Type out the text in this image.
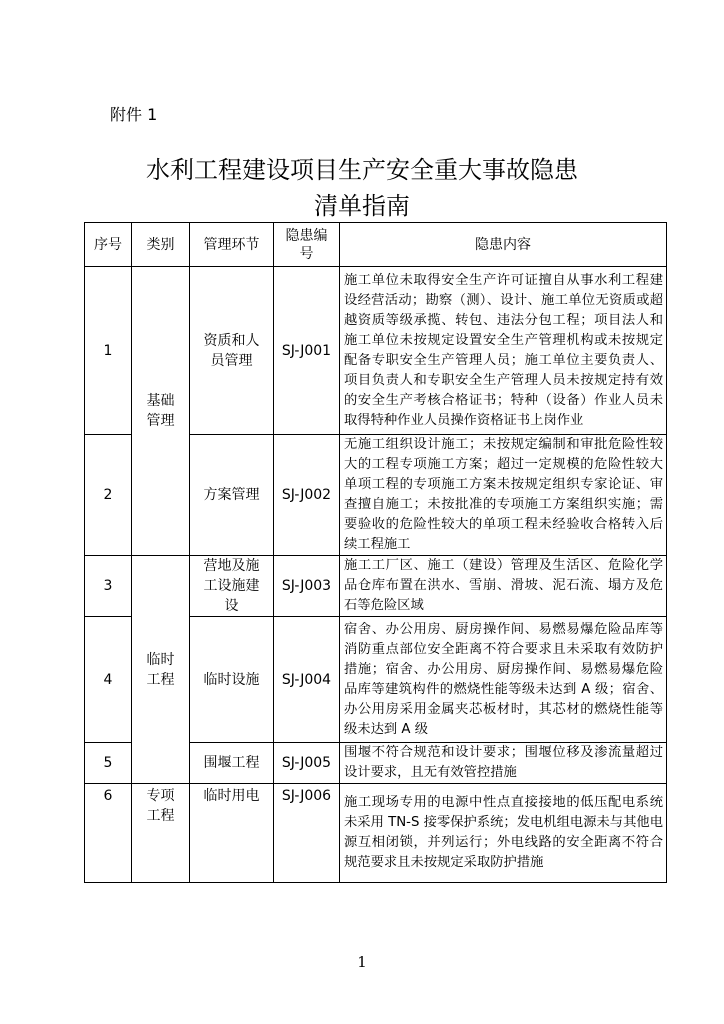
附件 1
水利工程建设项目生产安全重大事故隐患
清单指南
序号	类别	管理环节	隐患编号	隐患内容
1	基础管理	资质和人员管理	SJ-J001	施工单位未取得安全生产许可证擅自从事水利工程建设经营活动；勘察（测）、设计、施工单位无资质或超越资质等级承揽、转包、违法分包工程；项目法人和施工单位未按规定设置安全生产管理机构或未按规定配备专职安全生产管理人员；施工单位主要负责人、项目负责人和专职安全生产管理人员未按规定持有效的安全生产考核合格证书；特种（设备）作业人员未取得特种作业人员操作资格证书上岗作业
2		方案管理	SJ-J002	无施工组织设计施工；未按规定编制和审批危险性较大的工程专项施工方案；超过一定规模的危险性较大单项工程的专项施工方案未按规定组织专家论证、审查擅自施工；未按批准的专项施工方案组织实施；需要验收的危险性较大的单项工程未经验收合格转入后续工程施工
3	临时工程	营地及施工设施建设	SJ-J003	施工工厂区、施工（建设）管理及生活区、危险化学品仓库布置在洪水、雪崩、滑坡、泥石流、塌方及危石等危险区域
4		临时设施	SJ-J004	宿舍、办公用房、厨房操作间、易燃易爆危险品库等消防重点部位安全距离不符合要求且未采取有效防护措施；宿舍、办公用房、厨房操作间、易燃易爆危险品库等建筑构件的燃烧性能等级未达到 A 级；宿舍、办公用房采用金属夹芯板材时，其芯材的燃烧性能等级未达到 A 级
5		围堰工程	SJ-J005	围堰不符合规范和设计要求；围堰位移及渗流量超过设计要求，且无有效管控措施
6	专项工程	临时用电	SJ-J006	施工现场专用的电源中性点直接接地的低压配电系统未采用 TN-S 接零保护系统；发电机组电源未与其他电源互相闭锁，并列运行；外电线路的安全距离不符合规范要求且未按规定采取防护措施
1
